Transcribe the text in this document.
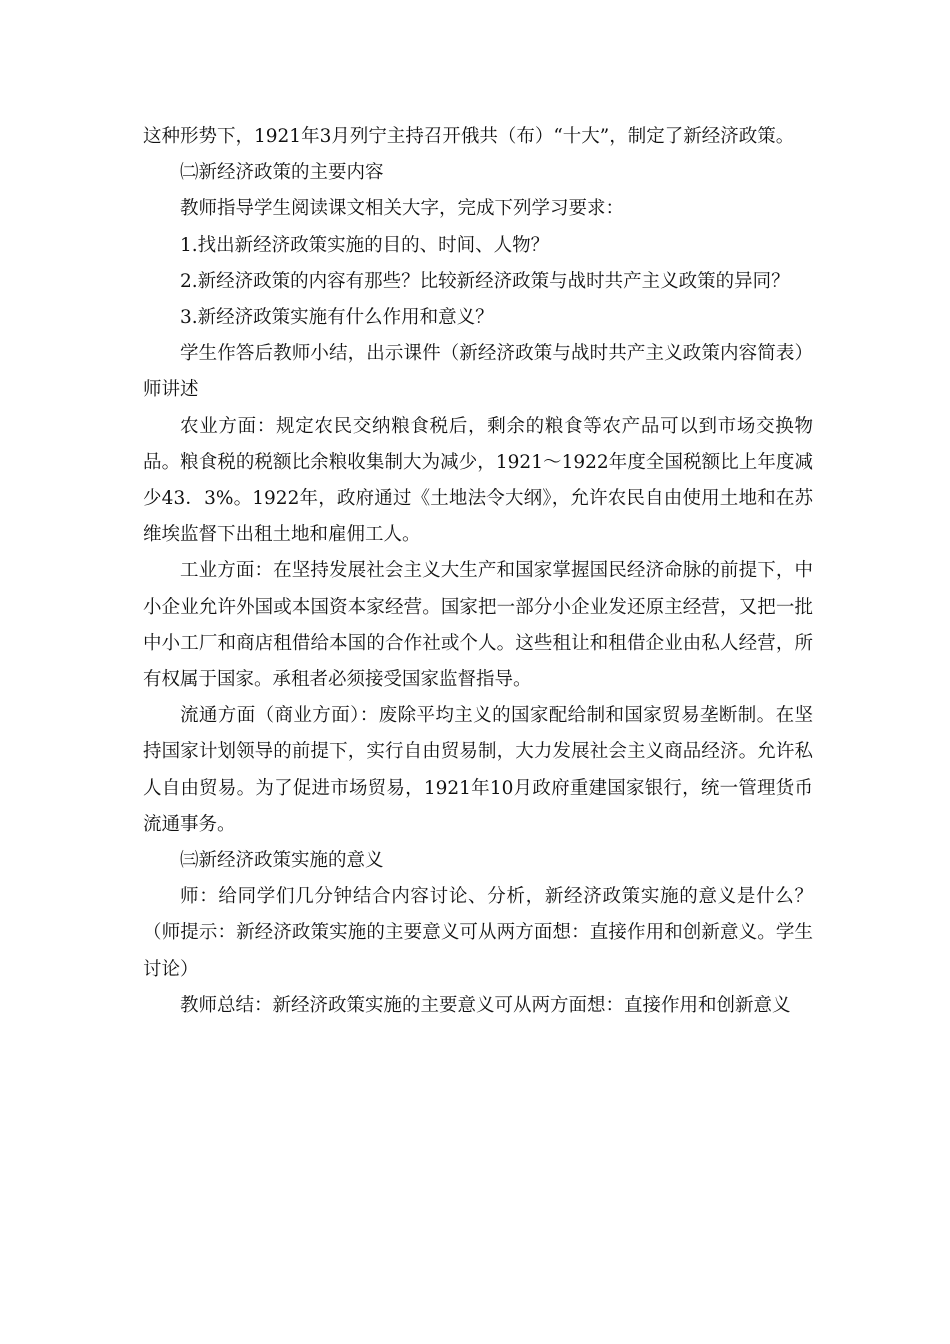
这种形势下，1921年3月列宁主持召开俄共（布）“十大”，制定了新经济政策。

㈡新经济政策的主要内容

教师指导学生阅读课文相关大字，完成下列学习要求：

1.找出新经济政策实施的目的、时间、人物？

2.新经济政策的内容有那些？比较新经济政策与战时共产主义政策的异同？

3.新经济政策实施有什么作用和意义？

学生作答后教师小结，出示课件（新经济政策与战时共产主义政策内容简表）师讲述

农业方面：规定农民交纳粮食税后，剩余的粮食等农产品可以到市场交换物品。粮食税的税额比余粮收集制大为减少，1921～1922年度全国税额比上年度减少43．3%。1922年，政府通过《土地法令大纲》，允许农民自由使用土地和在苏维埃监督下出租土地和雇佣工人。

工业方面：在坚持发展社会主义大生产和国家掌握国民经济命脉的前提下，中小企业允许外国或本国资本家经营。国家把一部分小企业发还原主经营，又把一批中小工厂和商店租借给本国的合作社或个人。这些租让和租借企业由私人经营，所有权属于国家。承租者必须接受国家监督指导。

流通方面（商业方面）：废除平均主义的国家配给制和国家贸易垄断制。在坚持国家计划领导的前提下，实行自由贸易制，大力发展社会主义商品经济。允许私人自由贸易。为了促进市场贸易，1921年10月政府重建国家银行，统一管理货币流通事务。

㈢新经济政策实施的意义

师：给同学们几分钟结合内容讨论、分析，新经济政策实施的意义是什么？（师提示：新经济政策实施的主要意义可从两方面想：直接作用和创新意义。学生讨论）

教师总结：新经济政策实施的主要意义可从两方面想：直接作用和创新意义
